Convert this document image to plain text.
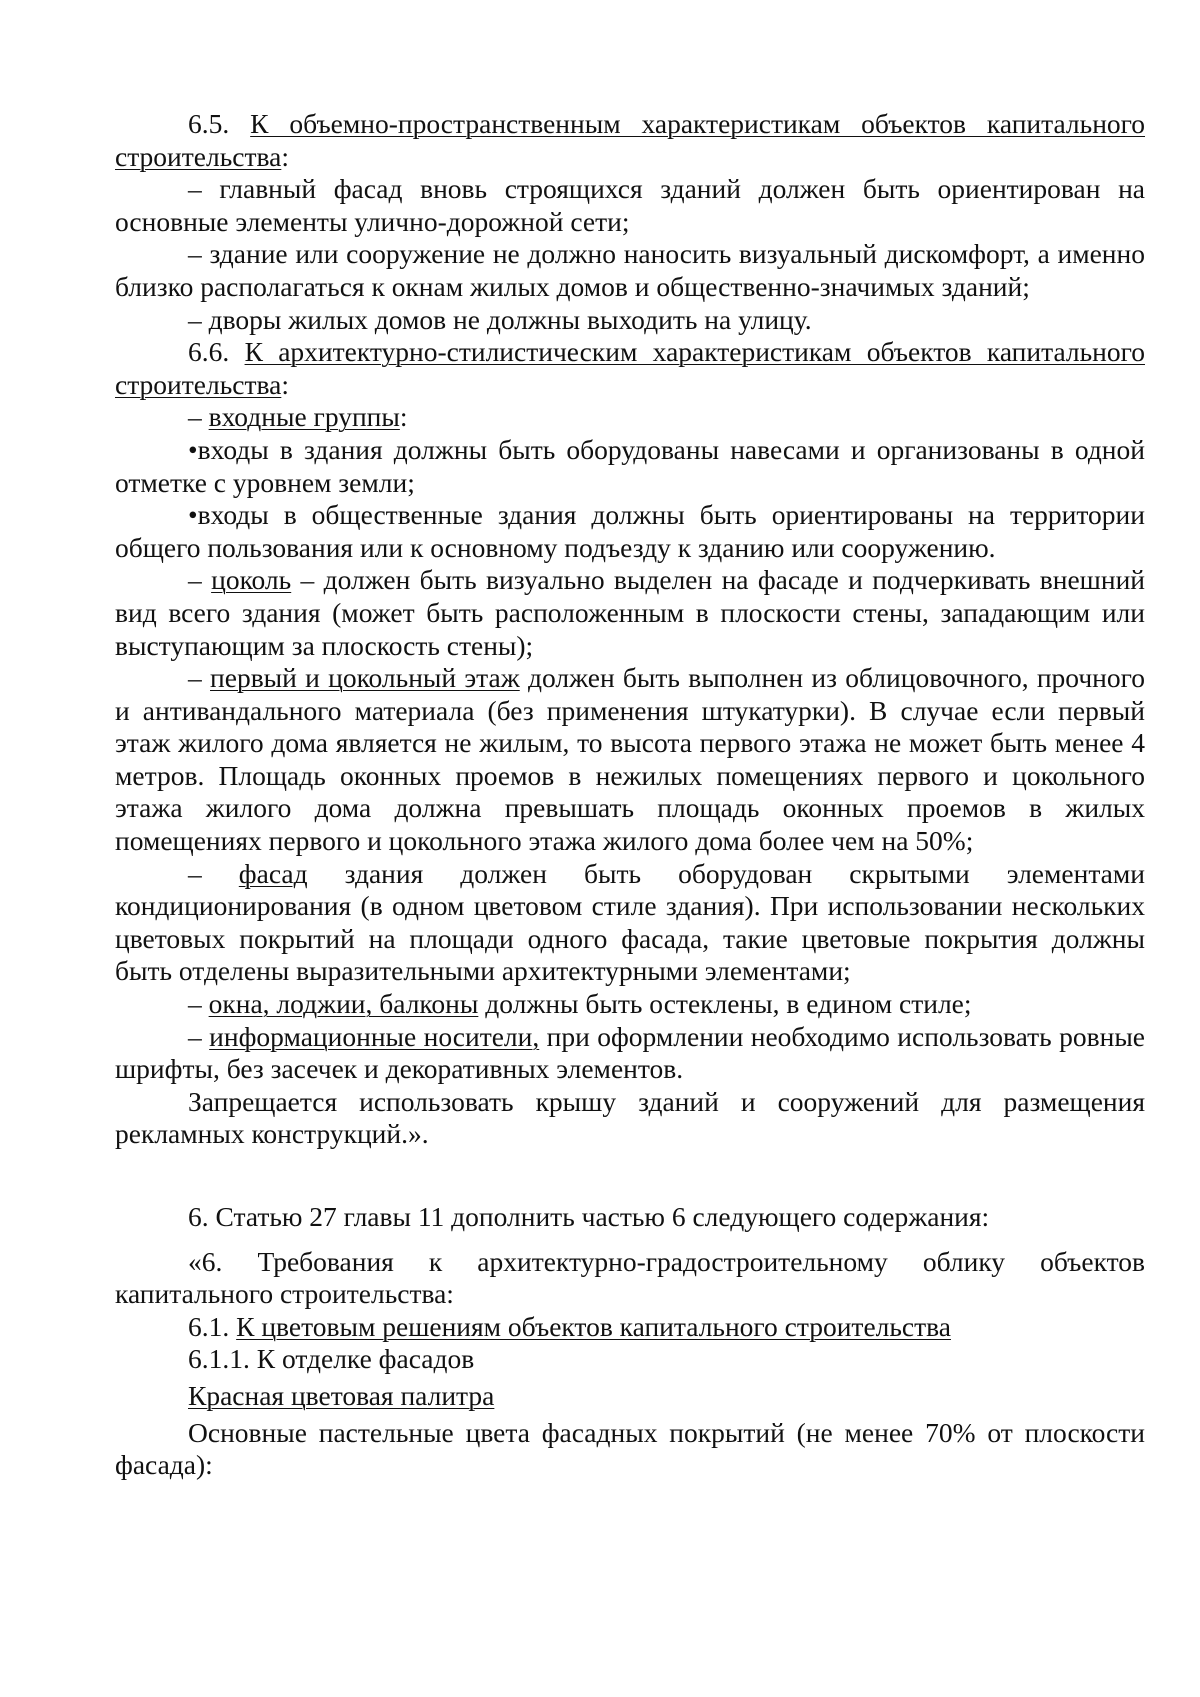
6.5. К объемно-пространственным характеристикам объектов капитального строительства:

– главный фасад вновь строящихся зданий должен быть ориентирован на основные элементы улично-дорожной сети;

– здание или сооружение не должно наносить визуальный дискомфорт, а именно близко располагаться к окнам жилых домов и общественно-значимых зданий;

– дворы жилых домов не должны выходить на улицу.

6.6. К архитектурно-стилистическим характеристикам объектов капитального строительства:

– входные группы:

•входы в здания должны быть оборудованы навесами и организованы в одной отметке с уровнем земли;

•входы в общественные здания должны быть ориентированы на территории общего пользования или к основному подъезду к зданию или сооружению.

– цоколь – должен быть визуально выделен на фасаде и подчеркивать внешний вид всего здания (может быть расположенным в плоскости стены, западающим или выступающим за плоскость стены);

– первый и цокольный этаж должен быть выполнен из облицовочного, прочного и антивандального материала (без применения штукатурки). В случае если первый этаж жилого дома является не жилым, то высота первого этажа не может быть менее 4 метров. Площадь оконных проемов в нежилых помещениях первого и цокольного этажа жилого дома должна превышать площадь оконных проемов в жилых помещениях первого и цокольного этажа жилого дома более чем на 50%;

– фасад здания должен быть оборудован скрытыми элементами кондиционирования (в одном цветовом стиле здания). При использовании нескольких цветовых покрытий на площади одного фасада, такие цветовые покрытия должны быть отделены выразительными архитектурными элементами;

– окна, лоджии, балконы должны быть остеклены, в едином стиле;

– информационные носители, при оформлении необходимо использовать ровные шрифты, без засечек и декоративных элементов.

Запрещается использовать крышу зданий и сооружений для размещения рекламных конструкций.».

6. Статью 27 главы 11 дополнить частью 6 следующего содержания:

«6. Требования к архитектурно-градостроительному облику объектов капитального строительства:

6.1. К цветовым решениям объектов капитального строительства

6.1.1. К отделке фасадов

Красная цветовая палитра

Основные пастельные цвета фасадных покрытий (не менее 70% от плоскости фасада):
